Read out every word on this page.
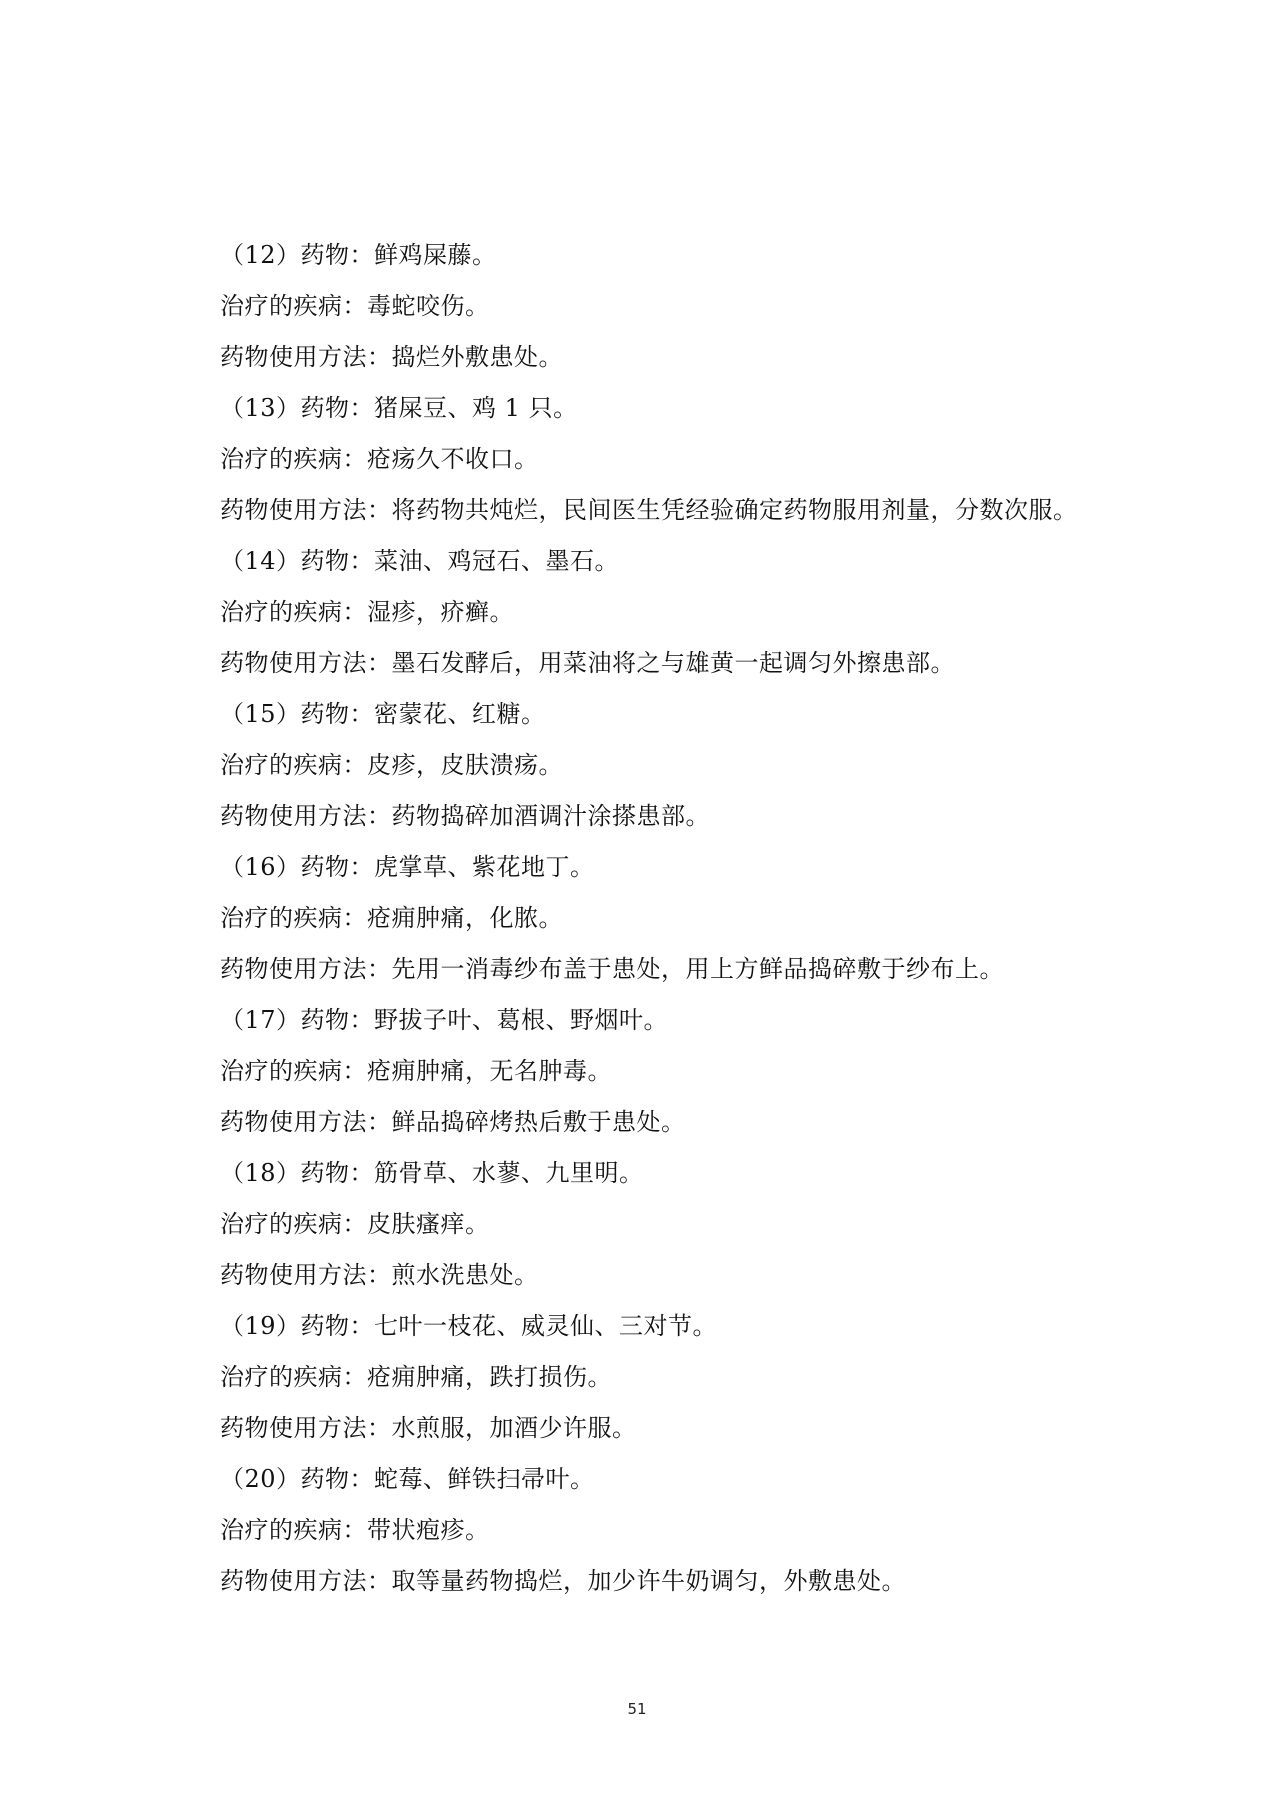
（12）药物：鲜鸡屎藤。
治疗的疾病：毒蛇咬伤。
药物使用方法：捣烂外敷患处。
（13）药物：猪屎豆、鸡 1 只。
治疗的疾病：疮疡久不收口。
药物使用方法：将药物共炖烂，民间医生凭经验确定药物服用剂量，分数次服。
（14）药物：菜油、鸡冠石、墨石。
治疗的疾病：湿疹，疥癣。
药物使用方法：墨石发酵后，用菜油将之与雄黄一起调匀外擦患部。
（15）药物：密蒙花、红糖。
治疗的疾病：皮疹，皮肤溃疡。
药物使用方法：药物捣碎加酒调汁涂搽患部。
（16）药物：虎掌草、紫花地丁。
治疗的疾病：疮痈肿痛，化脓。
药物使用方法：先用一消毒纱布盖于患处，用上方鲜品捣碎敷于纱布上。
（17）药物：野拔子叶、葛根、野烟叶。
治疗的疾病：疮痈肿痛，无名肿毒。
药物使用方法：鲜品捣碎烤热后敷于患处。
（18）药物：筋骨草、水蓼、九里明。
治疗的疾病：皮肤瘙痒。
药物使用方法：煎水洗患处。
（19）药物：七叶一枝花、威灵仙、三对节。
治疗的疾病：疮痈肿痛，跌打损伤。
药物使用方法：水煎服，加酒少许服。
（20）药物：蛇莓、鲜铁扫帚叶。
治疗的疾病：带状疱疹。
药物使用方法：取等量药物捣烂，加少许牛奶调匀，外敷患处。
51
